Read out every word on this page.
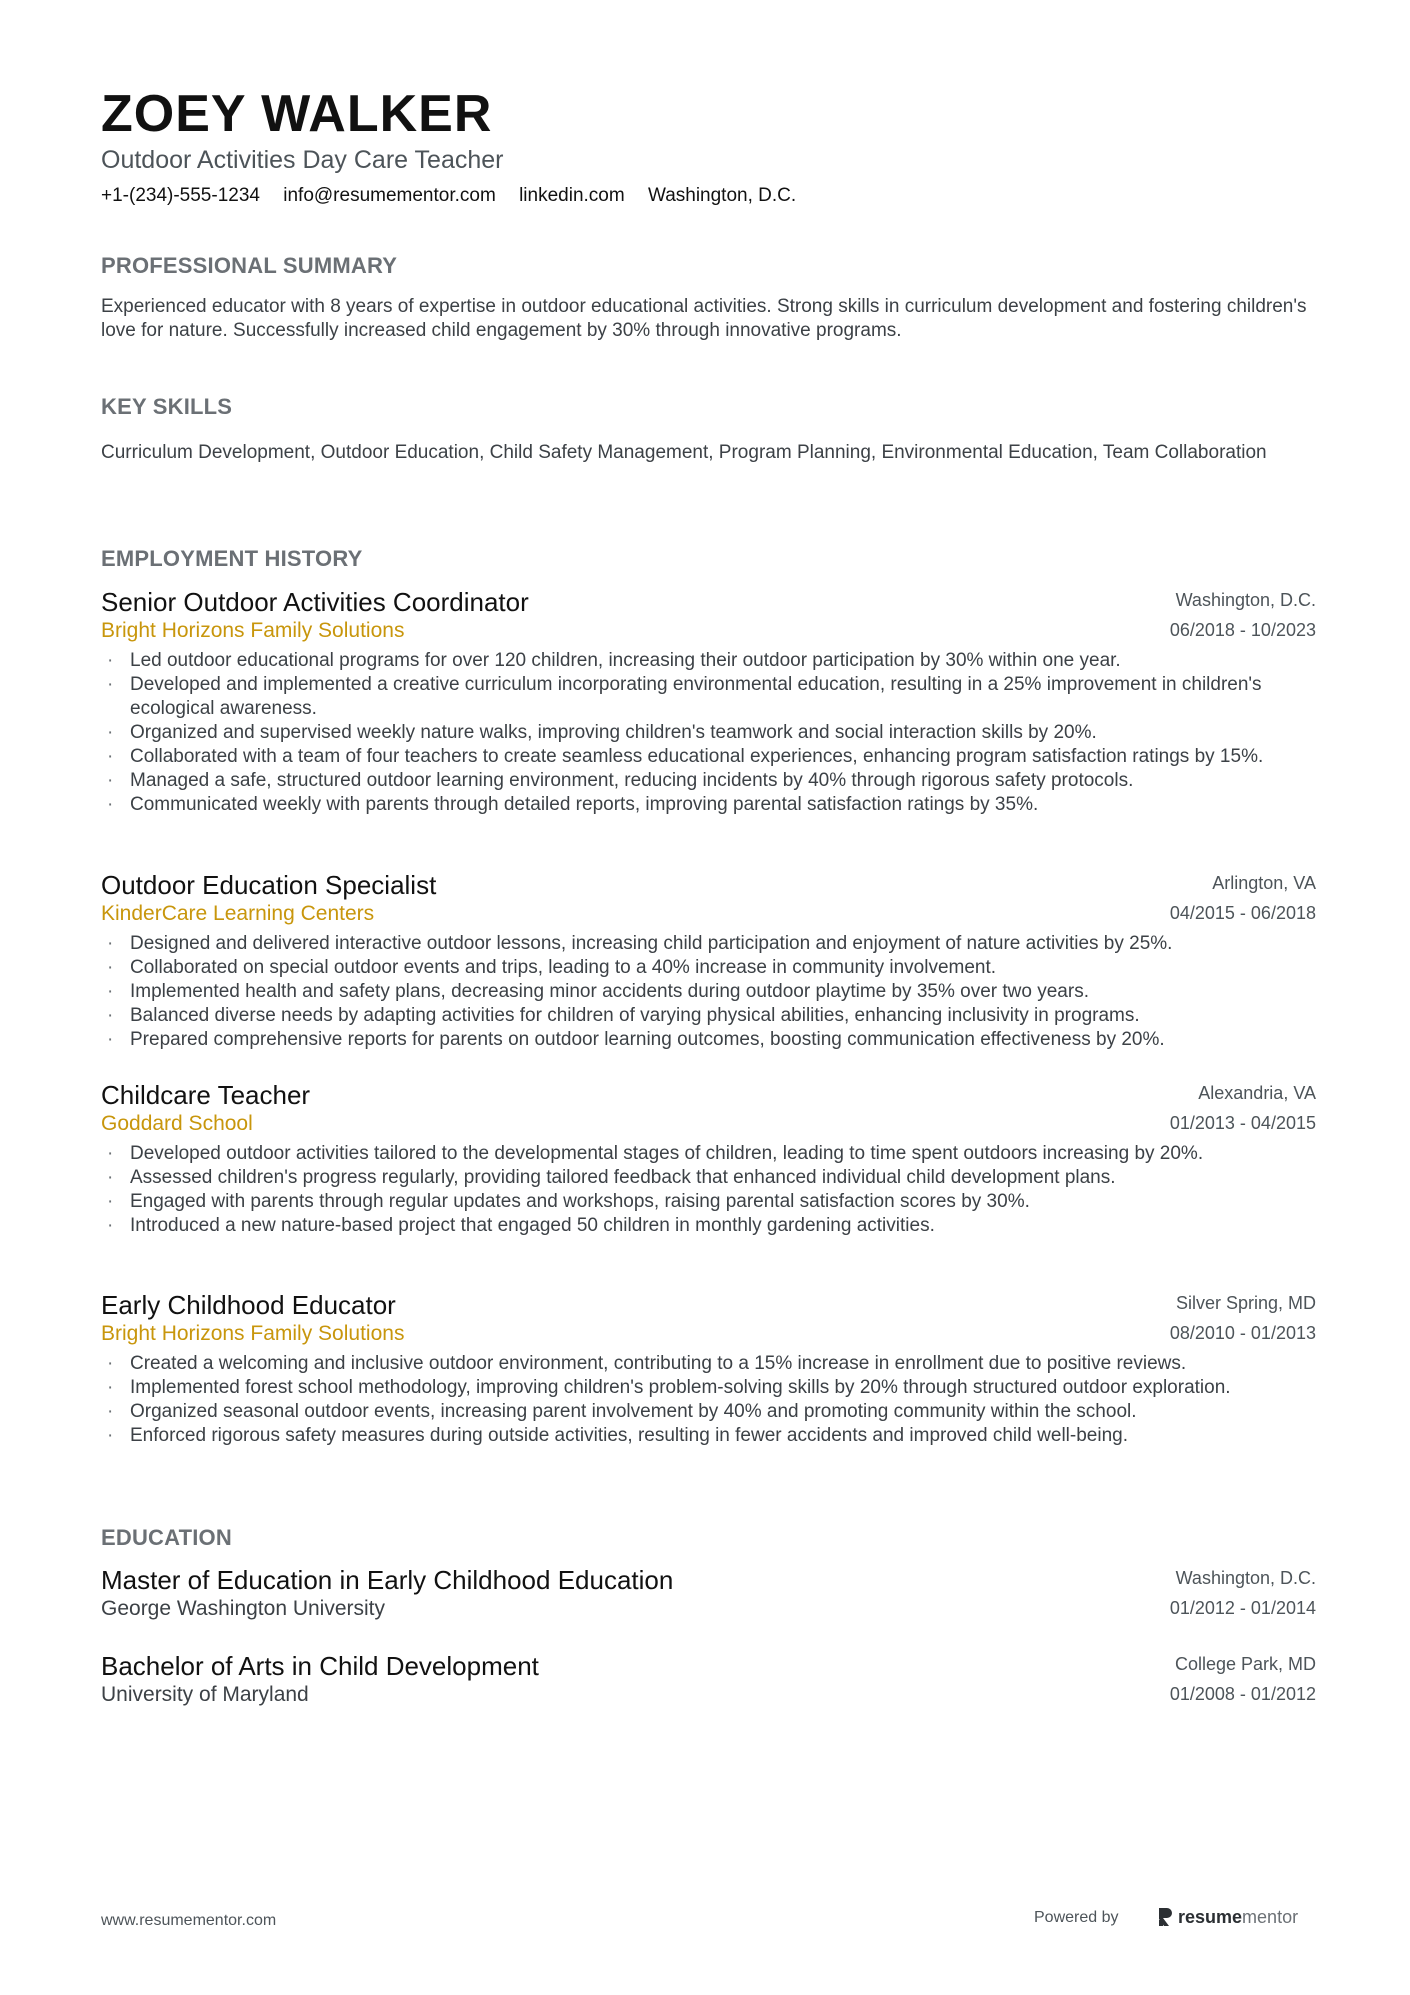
ZOEY WALKER
Outdoor Activities Day Care Teacher
+1-(234)-555-1234 info@resumementor.com linkedin.com Washington, D.C.
PROFESSIONAL SUMMARY

Experienced educator with 8 years of expertise in outdoor educational activities. Strong skills in curriculum development and fostering children's love for nature. Successfully increased child engagement by 30% through innovative programs.

KEY SKILLS

Curriculum Development, Outdoor Education, Child Safety Management, Program Planning, Environmental Education, Team Collaboration

EMPLOYMENT HISTORY
Senior Outdoor Activities Coordinator
Bright Horizons Family Solutions
Washington, D.C.
06/2018 - 10/2023
· Led outdoor educational programs for over 120 children, increasing their outdoor participation by 30% within one year.
· Developed and implemented a creative curriculum incorporating environmental education, resulting in a 25% improvement in children's ecological awareness.
· Organized and supervised weekly nature walks, improving children's teamwork and social interaction skills by 20%.
· Collaborated with a team of four teachers to create seamless educational experiences, enhancing program satisfaction ratings by 15%.
· Managed a safe, structured outdoor learning environment, reducing incidents by 40% through rigorous safety protocols.
· Communicated weekly with parents through detailed reports, improving parental satisfaction ratings by 35%.
Outdoor Education Specialist
KinderCare Learning Centers
Arlington, VA
04/2015 - 06/2018
· Designed and delivered interactive outdoor lessons, increasing child participation and enjoyment of nature activities by 25%.
· Collaborated on special outdoor events and trips, leading to a 40% increase in community involvement.
· Implemented health and safety plans, decreasing minor accidents during outdoor playtime by 35% over two years.
· Balanced diverse needs by adapting activities for children of varying physical abilities, enhancing inclusivity in programs.
· Prepared comprehensive reports for parents on outdoor learning outcomes, boosting communication effectiveness by 20%.
Childcare Teacher
Goddard School
Alexandria, VA
01/2013 - 04/2015
· Developed outdoor activities tailored to the developmental stages of children, leading to time spent outdoors increasing by 20%.
· Assessed children's progress regularly, providing tailored feedback that enhanced individual child development plans.
· Engaged with parents through regular updates and workshops, raising parental satisfaction scores by 30%.
· Introduced a new nature-based project that engaged 50 children in monthly gardening activities.
Early Childhood Educator
Bright Horizons Family Solutions
Silver Spring, MD
08/2010 - 01/2013
· Created a welcoming and inclusive outdoor environment, contributing to a 15% increase in enrollment due to positive reviews.
· Implemented forest school methodology, improving children's problem-solving skills by 20% through structured outdoor exploration.
· Organized seasonal outdoor events, increasing parent involvement by 40% and promoting community within the school.
· Enforced rigorous safety measures during outside activities, resulting in fewer accidents and improved child well-being.
EDUCATION
Master of Education in Early Childhood Education
George Washington University
Washington, D.C.
01/2012 - 01/2014
Bachelor of Arts in Child Development
University of Maryland
College Park, MD
01/2008 - 01/2012
www.resumementor.com	Powered by	resume mentor
